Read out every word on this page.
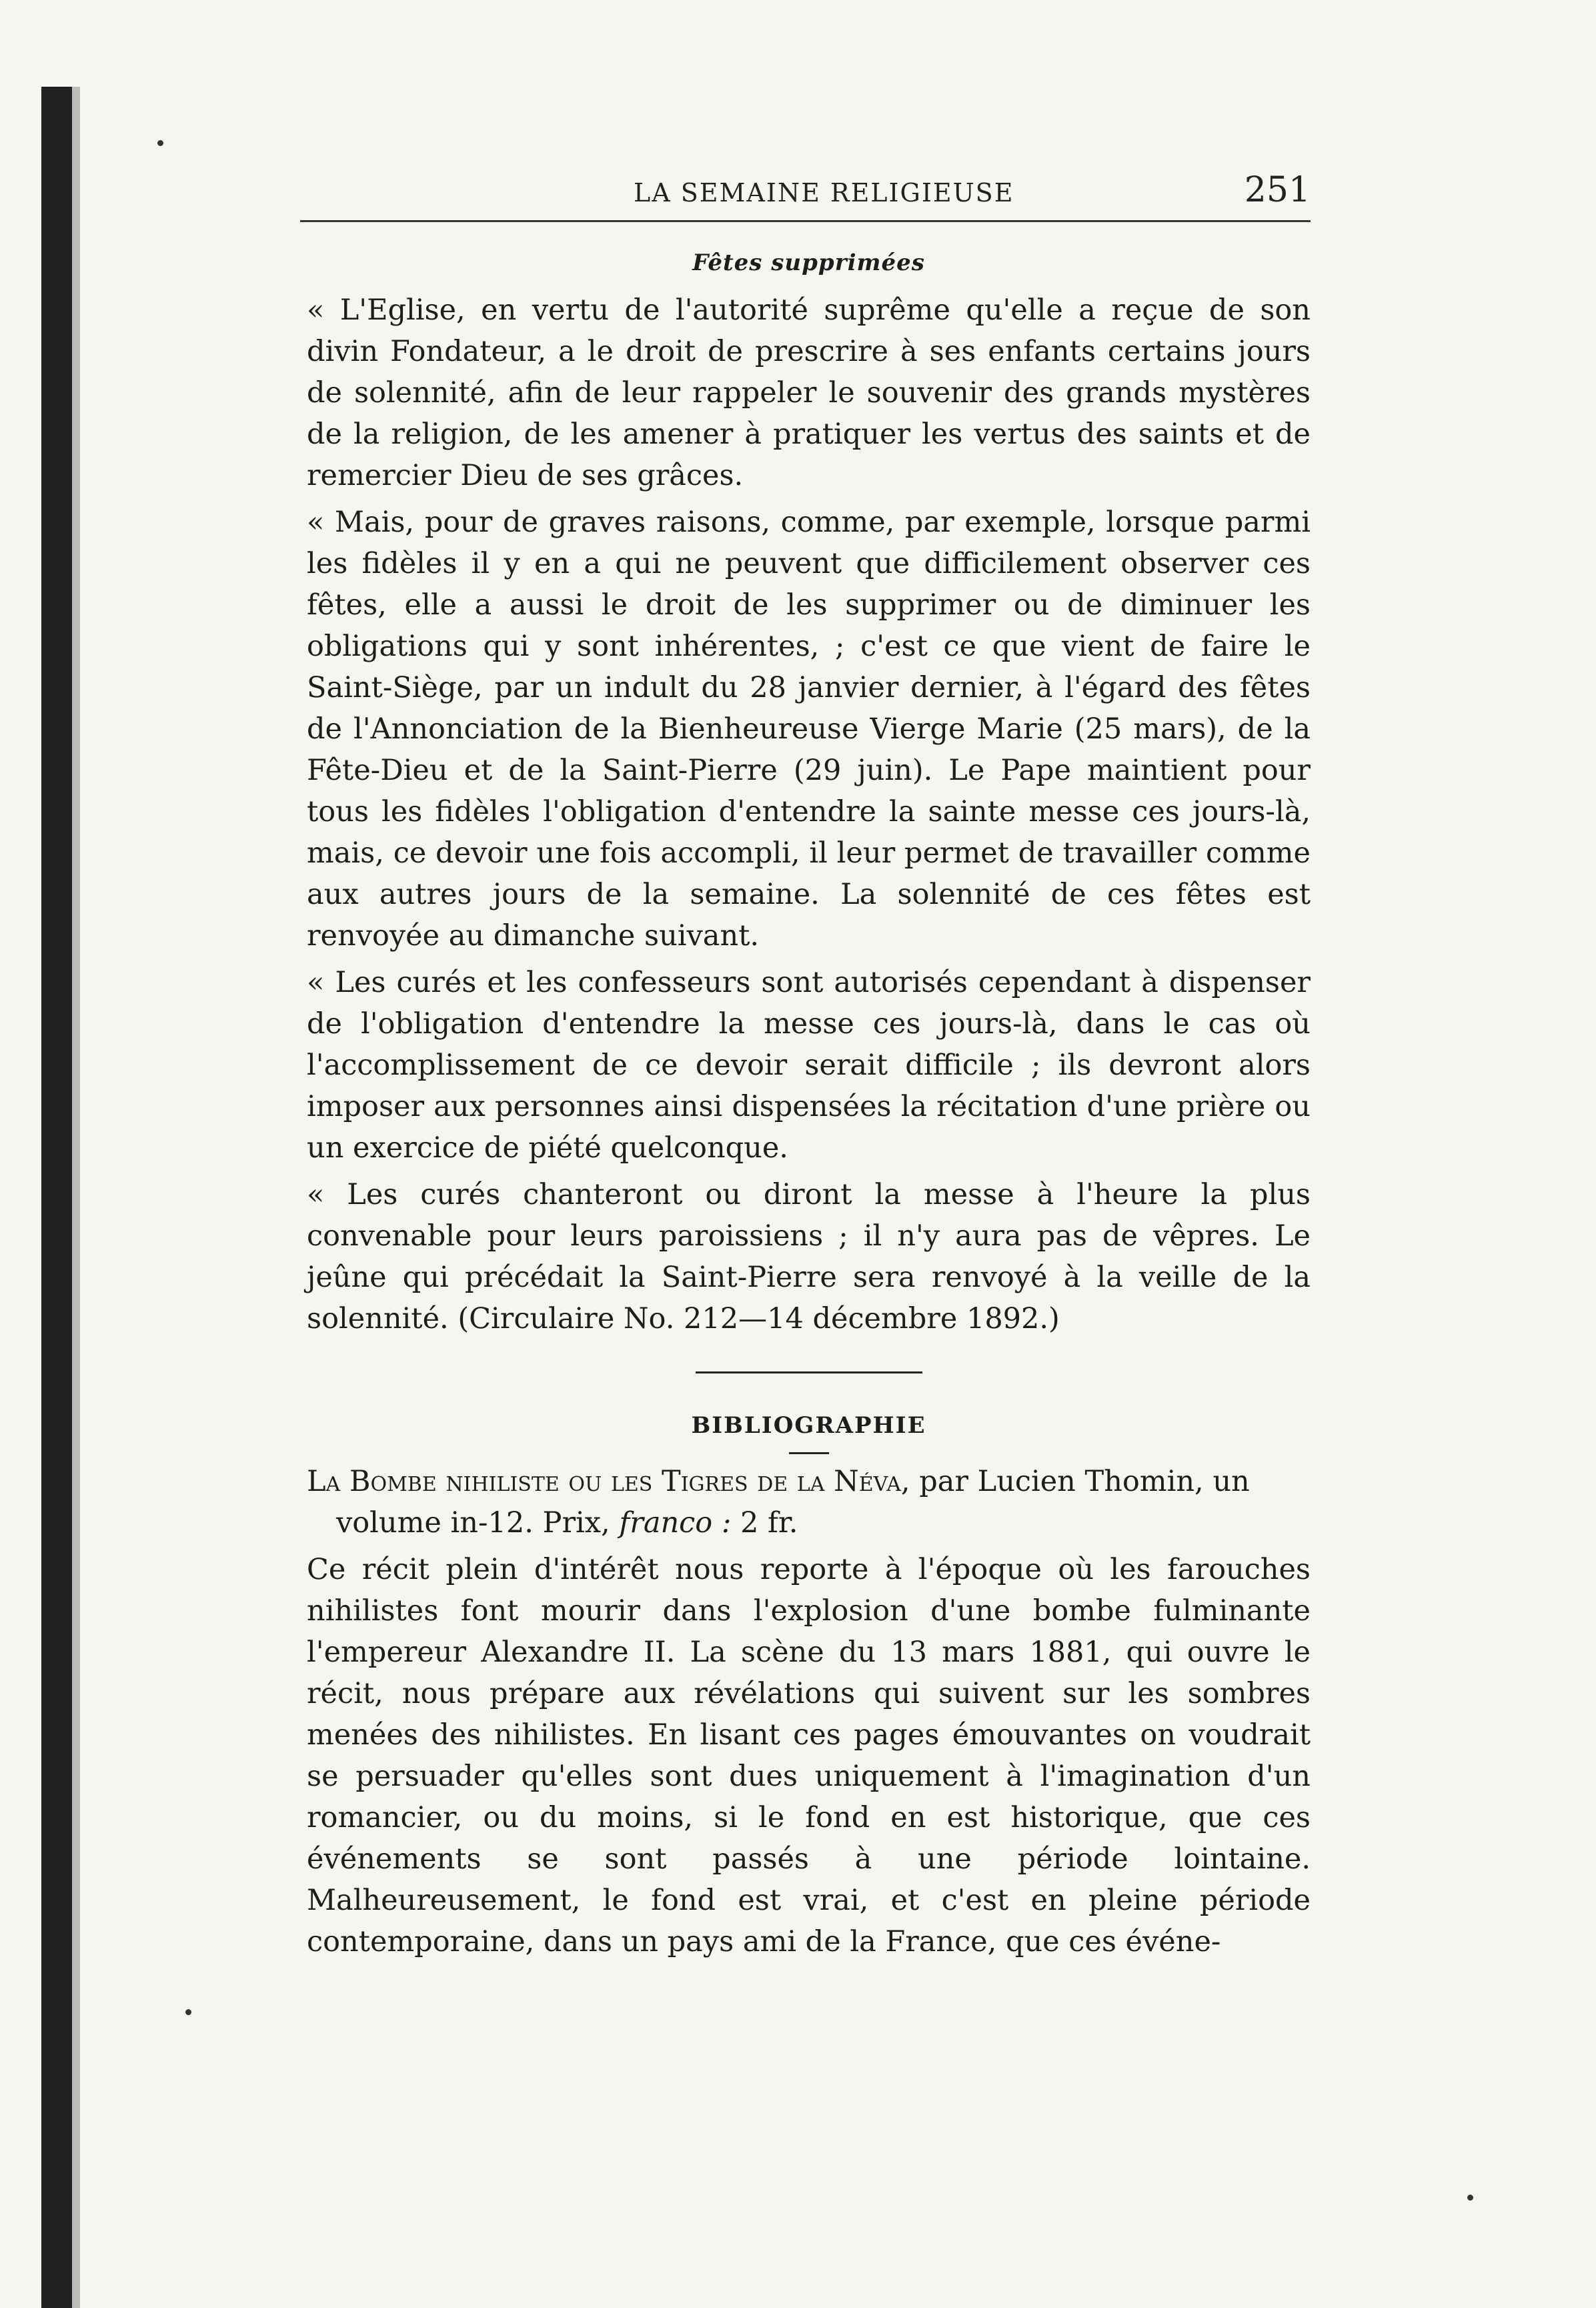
LA SEMAINE RELIGIEUSE	251
Fêtes supprimées

« L'Eglise, en vertu de l'autorité suprême qu'elle a reçue de son divin Fondateur, a le droit de prescrire à ses enfants certains jours de solennité, afin de leur rappeler le souvenir des grands mystères de la religion, de les amener à pratiquer les vertus des saints et de remercier Dieu de ses grâces.

« Mais, pour de graves raisons, comme, par exemple, lorsque parmi les fidèles il y en a qui ne peuvent que difficilement observer ces fêtes, elle a aussi le droit de les supprimer ou de diminuer les obligations qui y sont inhérentes, ; c'est ce que vient de faire le Saint-Siège, par un indult du 28 janvier dernier, à l'égard des fêtes de l'Annonciation de la Bienheureuse Vierge Marie (25 mars), de la Fête-Dieu et de la Saint-Pierre (29 juin). Le Pape maintient pour tous les fidèles l'obligation d'entendre la sainte messe ces jours-là, mais, ce devoir une fois accompli, il leur permet de travailler comme aux autres jours de la semaine. La solennité de ces fêtes est renvoyée au dimanche suivant.

« Les curés et les confesseurs sont autorisés cependant à dispenser de l'obligation d'entendre la messe ces jours-là, dans le cas où l'accomplissement de ce devoir serait difficile ; ils devront alors imposer aux personnes ainsi dispensées la récitation d'une prière ou un exercice de piété quelconque.

« Les curés chanteront ou diront la messe à l'heure la plus convenable pour leurs paroissiens ; il n'y aura pas de vêpres. Le jeûne qui précédait la Saint-Pierre sera renvoyé à la veille de la solennité. (Circulaire No. 212—14 décembre 1892.)

BIBLIOGRAPHIE

La Bombe nihiliste ou les Tigres de la Néva, par Lucien Thomin, un volume in-12. Prix, franco : 2 fr.

Ce récit plein d'intérêt nous reporte à l'époque où les farouches nihilistes font mourir dans l'explosion d'une bombe fulminante l'empereur Alexandre II. La scène du 13 mars 1881, qui ouvre le récit, nous prépare aux révélations qui suivent sur les sombres menées des nihilistes. En lisant ces pages émouvantes on voudrait se persuader qu'elles sont dues uniquement à l'imagination d'un romancier, ou du moins, si le fond en est historique, que ces événements se sont passés à une période lointaine. Malheureusement, le fond est vrai, et c'est en pleine période contemporaine, dans un pays ami de la France, que ces événe-
